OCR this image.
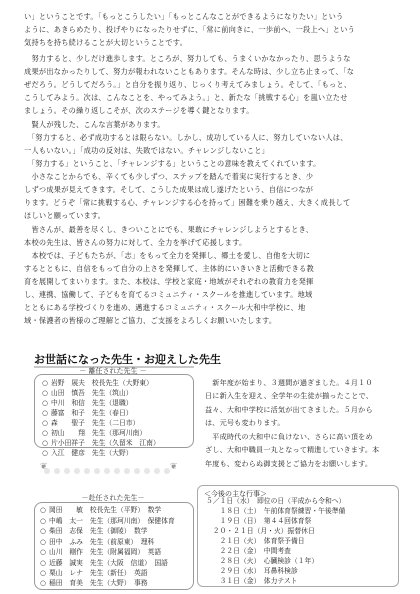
い」ということです。「もっとこうしたい」「もっとこんなことができるようになりたい」という
ように、あきらめたり、投げやりになったりせずに、「常に前向きに、一歩前へ、一段上へ」という
気持ちを持ち続けることが大切ということです。
　努力すると、少しだけ進歩します。ところが、努力しても、うまくいかなかったり、思うような
成果が出なかったりして、努力が報われないこともあります。そんな時は、少し立ち止まって、「な
ぜだろう。どうしてだろう。」と自分を振り返り、じっくり考えてみましょう。そして、「もっと、
こうしてみよう。次は、こんなことを、やってみよう。」と、新たな「挑戦する心」を嵐い立たせ
ましょう。その繰り返しこそが、次のステージを導く鍵となります。
　賢人が残した、こんな言葉があります。
　「努力すると、必ず成功するとは限らない。しかし、成功している人に、努力していない人は、
一人もいない。」「成功の反対は、失敗ではない。チャレンジしないこと」
　「努力する」ということ、「チャレンジする」ということの意味を教えてくれています。
　小さなことからでも、辛くても少しずつ、ステップを踏んで着実に実行するとき、少
しずつ成果が見えてきます。そして、こうした成果は成し遂げたという、自信につなが
ります。どうぞ「常に挑戦する心、チャレンジする心を持って」困難を乗り越え、大きく成長して
ほしいと願っています。
　皆さんが、最善を尽くし、きついことにでも、果敢にチャレンジしようとするとき、
本校の先生は、皆さんの努力に対して、全力を挙げて応援します。
　本校では、子どもたちが、「志」をもって全力を発揮し、郷土を愛し、自他を大切に
するとともに、自信をもって自分の上さを発揮して、主体的にいきいきと活動できる教
育を展開してまいります。また、本校は、学校と家庭・地域がそれぞれの教育力を発揮
し、連携、協働して、子どもを育てるコミュニティ・スクールを推進しています。地域
とともにある学校づくりを進め、邁進するコミュニティ・スクール大和中学校に、地
域・保護者の皆様のご理解とご協力、ご支援をよろしくお願いいたします。
お世話になった先生・お迎えした先生
－ 離任された先生 －
○ 岩野　展夫　 校長先生（大野東）
○ 山田　慎吾　 先生（筑山）
○ 中川　和信　 先生（退職）
○ 藤富　和子　 先生（春日）
○ 森　　聖子　 先生（二日市）
○ 初山　　翔　 先生（那珂川南）
○ 片小田祥子　 先生（久留米　江南）
○ 入江　健彦　 先生（大野）
❦	❦
－赴任された先生－
○ 岡田　　敏　 校長先生（平野）　 数学
○ 中嶋　太一　 先生（那珂川南）　 保健体育
○ 柴田　志保　 先生（御陵）　 数学
○ 田中　ふみ　 先生（前原東）　 理科
○ 山川　剛作　 先生（附属福岡）　 英語
○ 近藤　誠実　 先生（大阪　信道）　 国語
○ 栗山　レナ　 先生（新任）　 英語
○ 稲田　育美　 先生（大野）　 事務
　新年度が始まり、３週間が過ぎました。４月１０
日に新入生を迎え、全学年の生徒が揃ったことで、
益々、大和中学校に活気が出てきました。５月から
は、元号も変わります。
　平成時代の大和中に負けない、さらに高い頂をめ
ざし、大和中職員一丸となって精進していきます。本
年度も、変わらぬ御支援とご協力をお願いします。
＜今後の主な行事＞
５／１日（水）　即位の日（平成から令和へ）
　　１８日（土）　午前体育祭練習・午後準備
　　１９日（日）　第４４回体育祭
　２０・２１日（月・火）振替休日
　　２１日（火）　体育祭予備日
　　２２日（金）　中間考査
　　２８日（火）　心臓検診（１年）
　　２９日（水）　耳鼻科検診
　　３１日（金）　体力テスト
